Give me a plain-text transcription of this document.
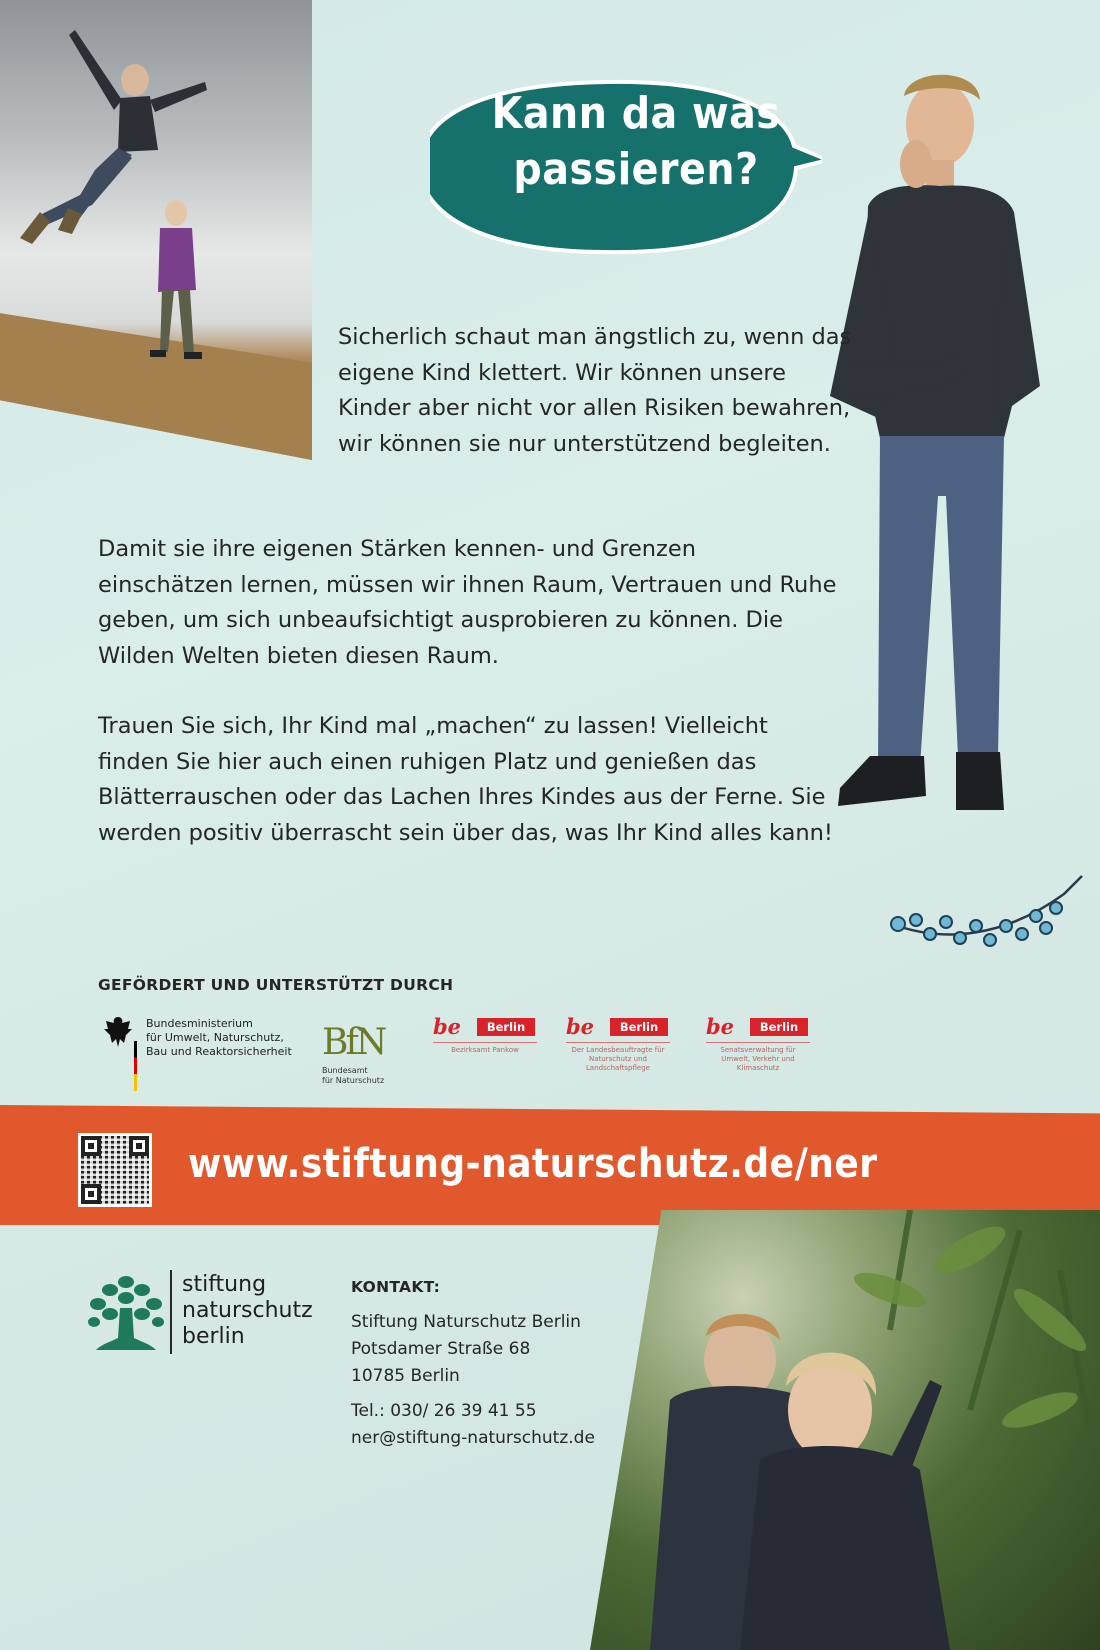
Kann da was
passieren?

Sicherlich schaut man ängstlich zu, wenn das eigene Kind klettert. Wir können unsere Kinder aber nicht vor allen Risiken bewahren, wir können sie nur unterstützend begleiten.

Damit sie ihre eigenen Stärken kennen- und Grenzen einschätzen lernen, müssen wir ihnen Raum, Vertrauen und Ruhe geben, um sich unbeaufsichtigt ausprobieren zu können. Die Wilden Welten bieten diesen Raum.

Trauen Sie sich, Ihr Kind mal „machen“ zu lassen! Vielleicht finden Sie hier auch einen ruhigen Platz und genießen das Blätterrauschen oder das Lachen Ihres Kindes aus der Ferne. Sie werden positiv überrascht sein über das, was Ihr Kind alles kann!

GEFÖRDERT UND UNTERSTÜTZT DURCH
Bundesministerium
für Umwelt, Naturschutz,
Bau und Reaktorsicherheit BfN
Bundesamt
für Naturschutz
be	Berlin
Bezirksamt Pankow
be	Berlin
Der Landesbeauftragte für Naturschutz und Landschaftspflege
be	Berlin
Senatsverwaltung für Umwelt, Verkehr und Klimaschutz
www.stiftung-naturschutz.de/ner
stiftung
naturschutz
berlin
KONTAKT:
Stiftung Naturschutz Berlin
Potsdamer Straße 68
10785 Berlin
Tel.: 030/ 26 39 41 55
ner@stiftung-naturschutz.de
